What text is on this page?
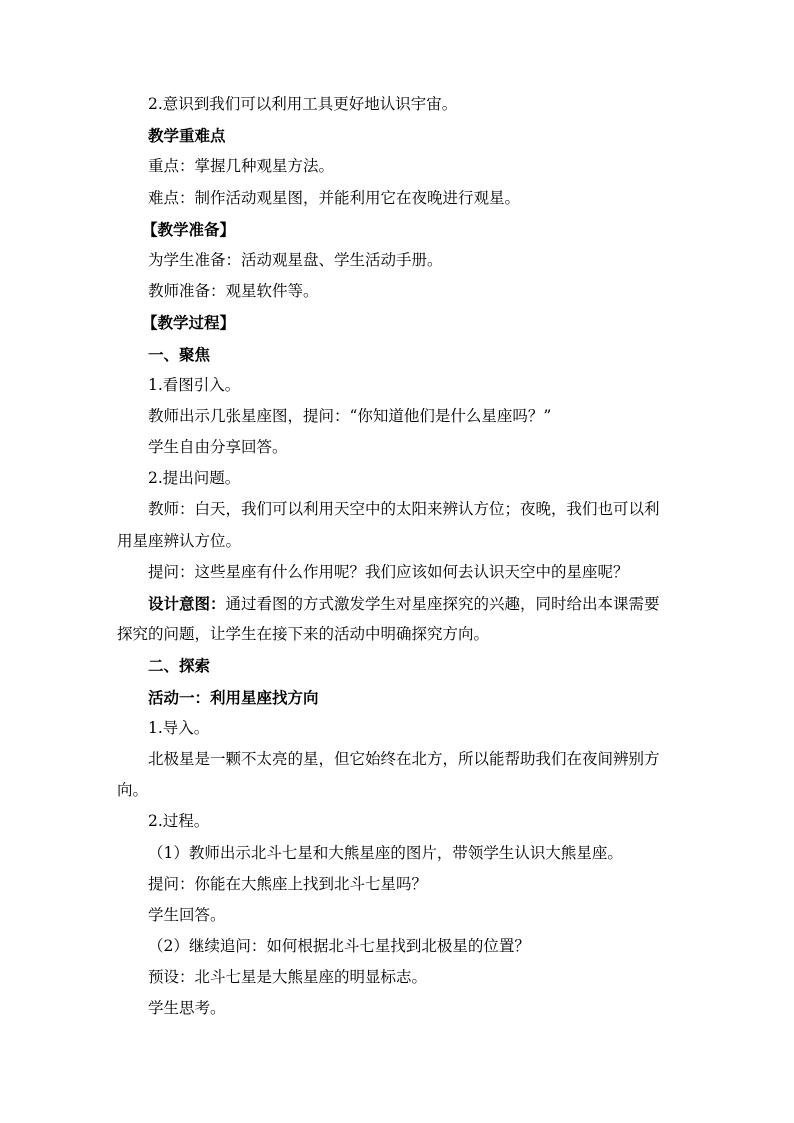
2.意识到我们可以利用工具更好地认识宇宙。
教学重难点
重点：掌握几种观星方法。
难点：制作活动观星图，并能利用它在夜晚进行观星。
【教学准备】
为学生准备：活动观星盘、学生活动手册。
教师准备：观星软件等。
【教学过程】
一、聚焦
1.看图引入。
教师出示几张星座图，提问：“你知道他们是什么星座吗？”
学生自由分享回答。
2.提出问题。
教师：白天，我们可以利用天空中的太阳来辨认方位；夜晚，我们也可以利
用星座辨认方位。
提问：这些星座有什么作用呢？我们应该如何去认识天空中的星座呢？
设计意图：通过看图的方式激发学生对星座探究的兴趣，同时给出本课需要
探究的问题，让学生在接下来的活动中明确探究方向。
二、探索
活动一：利用星座找方向
1.导入。
北极星是一颗不太亮的星，但它始终在北方，所以能帮助我们在夜间辨别方
向。
2.过程。
（1）教师出示北斗七星和大熊星座的图片，带领学生认识大熊星座。
提问：你能在大熊座上找到北斗七星吗？
学生回答。
（2）继续追问：如何根据北斗七星找到北极星的位置？
预设：北斗七星是大熊星座的明显标志。
学生思考。
